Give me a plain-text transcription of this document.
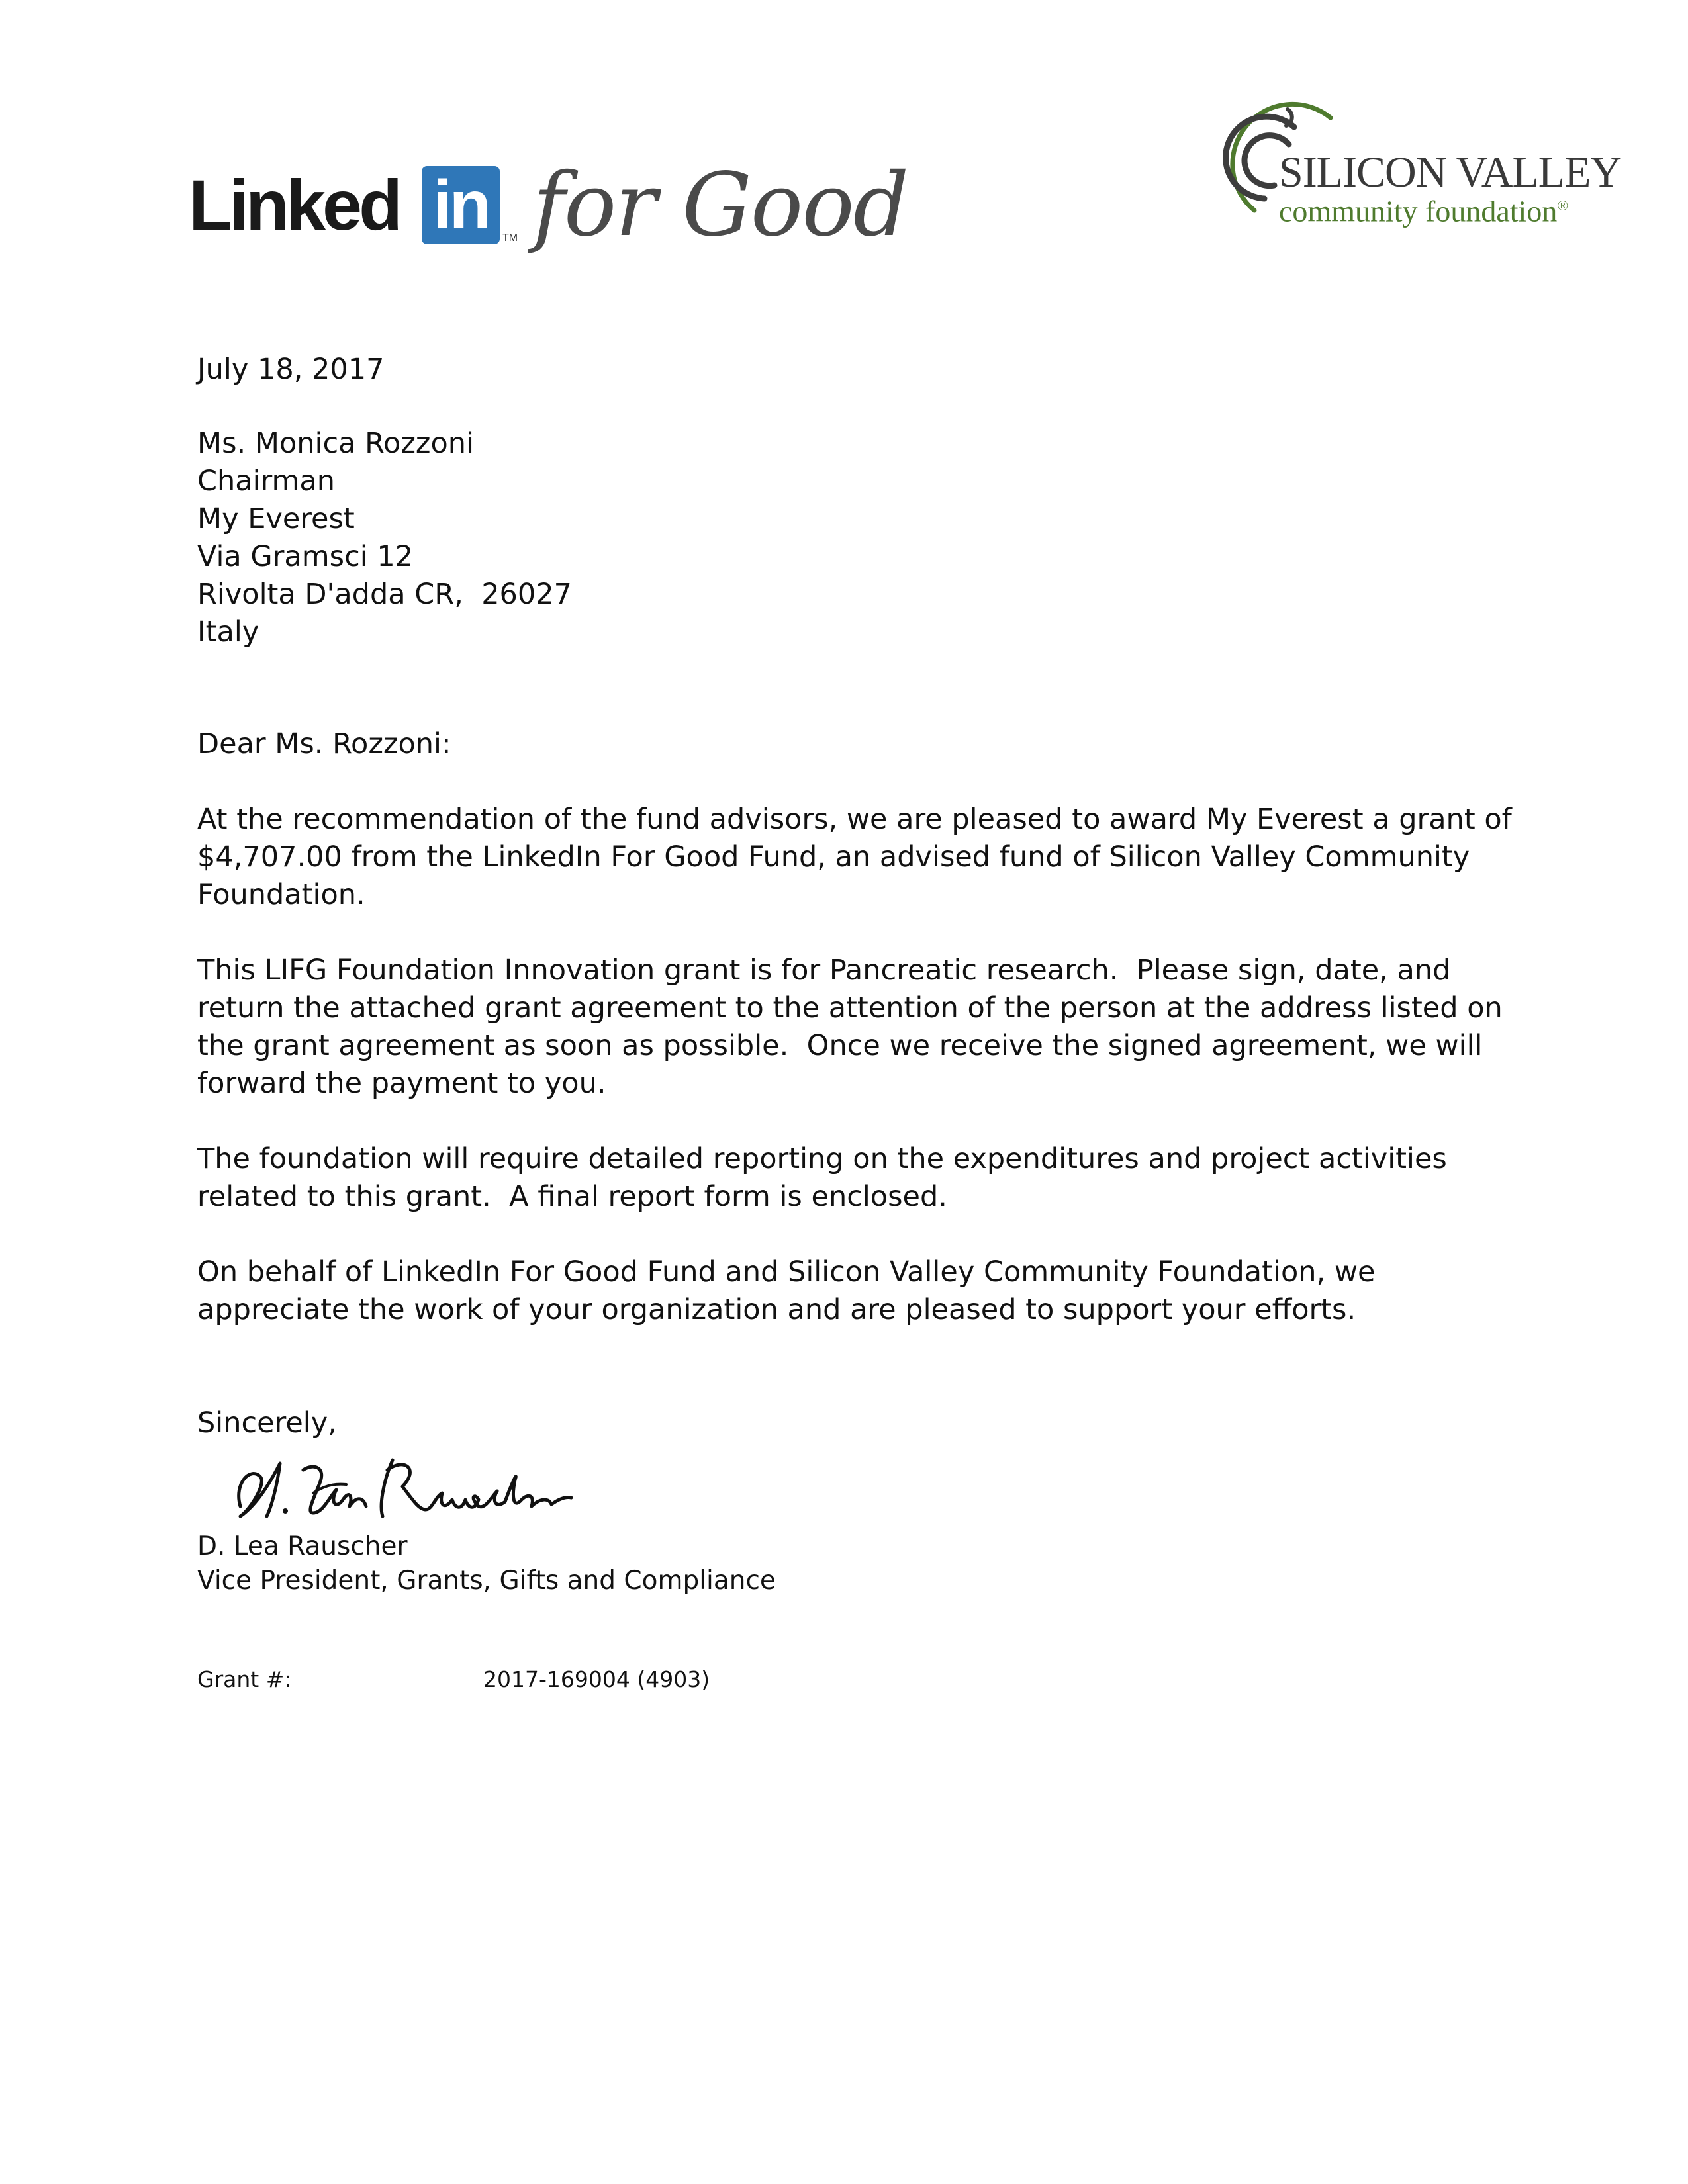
Linked in	TM for Good	SILICON VALLEY
community foundation®

July 18, 2017

Ms. Monica Rozzoni
Chairman
My Everest
Via Gramsci 12
Rivolta D'adda CR,  26027
Italy

Dear Ms. Rozzoni:

At the recommendation of the fund advisors, we are pleased to award My Everest a grant of $4,707.00 from the LinkedIn For Good Fund, an advised fund of Silicon Valley Community Foundation.

This LIFG Foundation Innovation grant is for Pancreatic research.  Please sign, date, and return the attached grant agreement to the attention of the person at the address listed on the grant agreement as soon as possible.  Once we receive the signed agreement, we will forward the payment to you.

The foundation will require detailed reporting on the expenditures and project activities related to this grant.  A final report form is enclosed.

On behalf of LinkedIn For Good Fund and Silicon Valley Community Foundation, we appreciate the work of your organization and are pleased to support your efforts.

Sincerely,

D. Lea Rauscher
Vice President, Grants, Gifts and Compliance

Grant #:	2017-169004 (4903)
